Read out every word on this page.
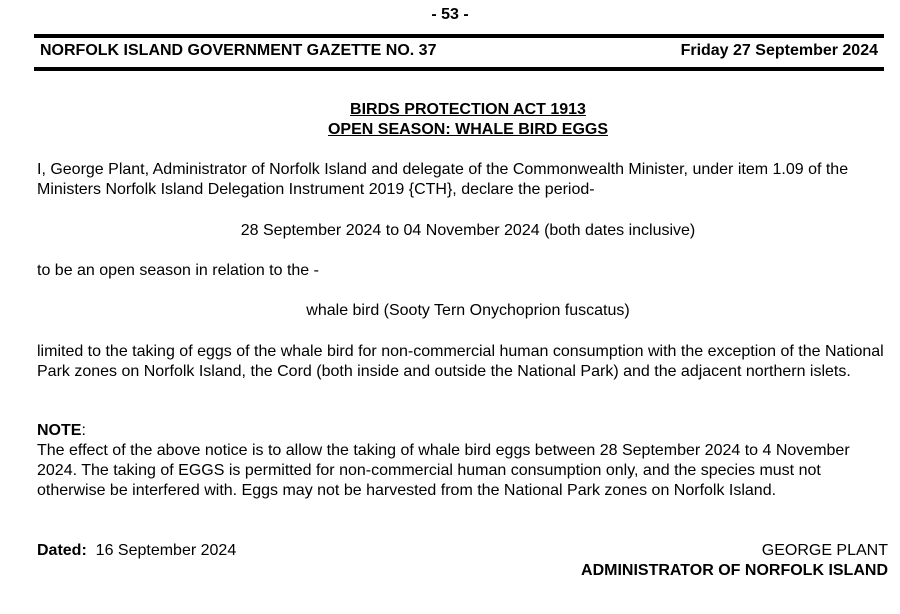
- 53 -
NORFOLK ISLAND GOVERNMENT GAZETTE NO. 37	Friday 27 September 2024
BIRDS PROTECTION ACT 1913
OPEN SEASON: WHALE BIRD EGGS
I, George Plant, Administrator of Norfolk Island and delegate of the Commonwealth Minister, under item 1.09 of the Ministers Norfolk Island Delegation Instrument 2019 {CTH}, declare the period-
28 September 2024 to 04 November 2024 (both dates inclusive)
to be an open season in relation to the -
whale bird (Sooty Tern Onychoprion fuscatus)
limited to the taking of eggs of the whale bird for non-commercial human consumption with the exception of the National Park zones on Norfolk Island, the Cord (both inside and outside the National Park) and the adjacent northern islets.
NOTE:
The effect of the above notice is to allow the taking of whale bird eggs between 28 September 2024 to 4 November 2024. The taking of EGGS is permitted for non-commercial human consumption only, and the species must not otherwise be interfered with. Eggs may not be harvested from the National Park zones on Norfolk Island.
Dated: 16 September 2024	GEORGE PLANT
ADMINISTRATOR OF NORFOLK ISLAND
